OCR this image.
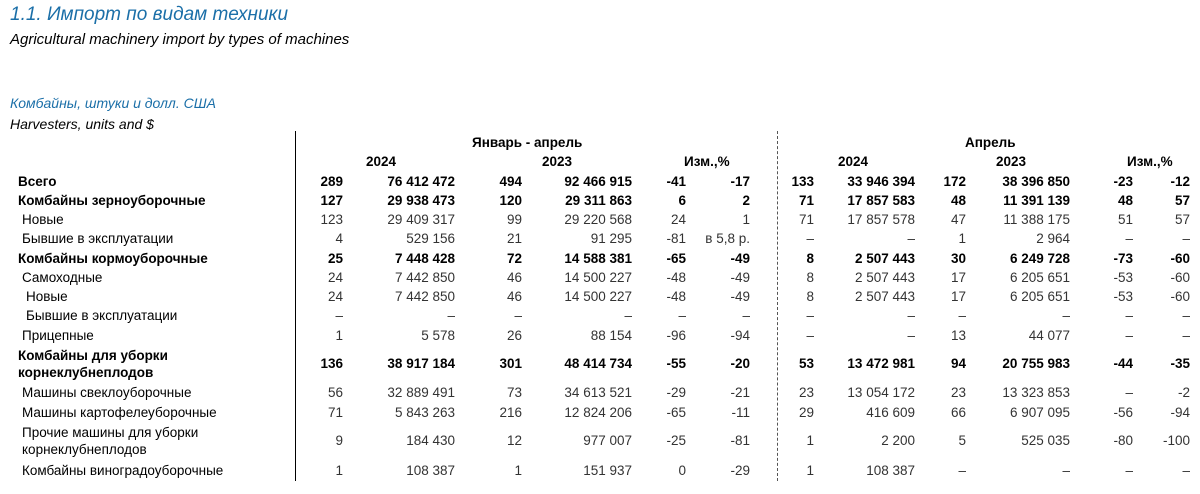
1.1. Импорт по видам техники
Agricultural machinery import by types of machines
Комбайны, штуки и долл. США
Harvesters, units and $
Январь - апрель	Апрель
2024	2023	Изм.,%	2024	2023	Изм.,%
Всего	289	76 412 472	494	92 466 915	-41	-17	133	33 946 394	172	38 396 850	-23	-12
Комбайны зерноуборочные	127	29 938 473	120	29 311 863	6	2	71	17 857 583	48	11 391 139	48	57
Новые	123	29 409 317	99	29 220 568	24	1	71	17 857 578	47	11 388 175	51	57
Бывшие в эксплуатации	4	529 156	21	91 295	-81	в 5,8 р.	–	–	1	2 964	–	–
Комбайны кормоуборочные	25	7 448 428	72	14 588 381	-65	-49	8	2 507 443	30	6 249 728	-73	-60
Самоходные	24	7 442 850	46	14 500 227	-48	-49	8	2 507 443	17	6 205 651	-53	-60
Новые	24	7 442 850	46	14 500 227	-48	-49	8	2 507 443	17	6 205 651	-53	-60
Бывшие в эксплуатации	–	–	–	–	–	–	–	–	–	–	–	–
Прицепные	1	5 578	26	88 154	-96	-94	–	–	13	44 077	–	–
Комбайны для уборки
корнеклубнеплодов
136	38 917 184	301	48 414 734	-55	-20	53	13 472 981	94	20 755 983	-44	-35
Машины свеклоуборочные	56	32 889 491	73	34 613 521	-29	-21	23	13 054 172	23	13 323 853	–	-2
Машины картофелеуборочные	71	5 843 263	216	12 824 206	-65	-11	29	416 609	66	6 907 095	-56	-94
Прочие машины для уборки
корнеклубнеплодов
9	184 430	12	977 007	-25	-81	1	2 200	5	525 035	-80	-100
Комбайны виноградоуборочные	1	108 387	1	151 937	0	-29	1	108 387	–	–	–	–
